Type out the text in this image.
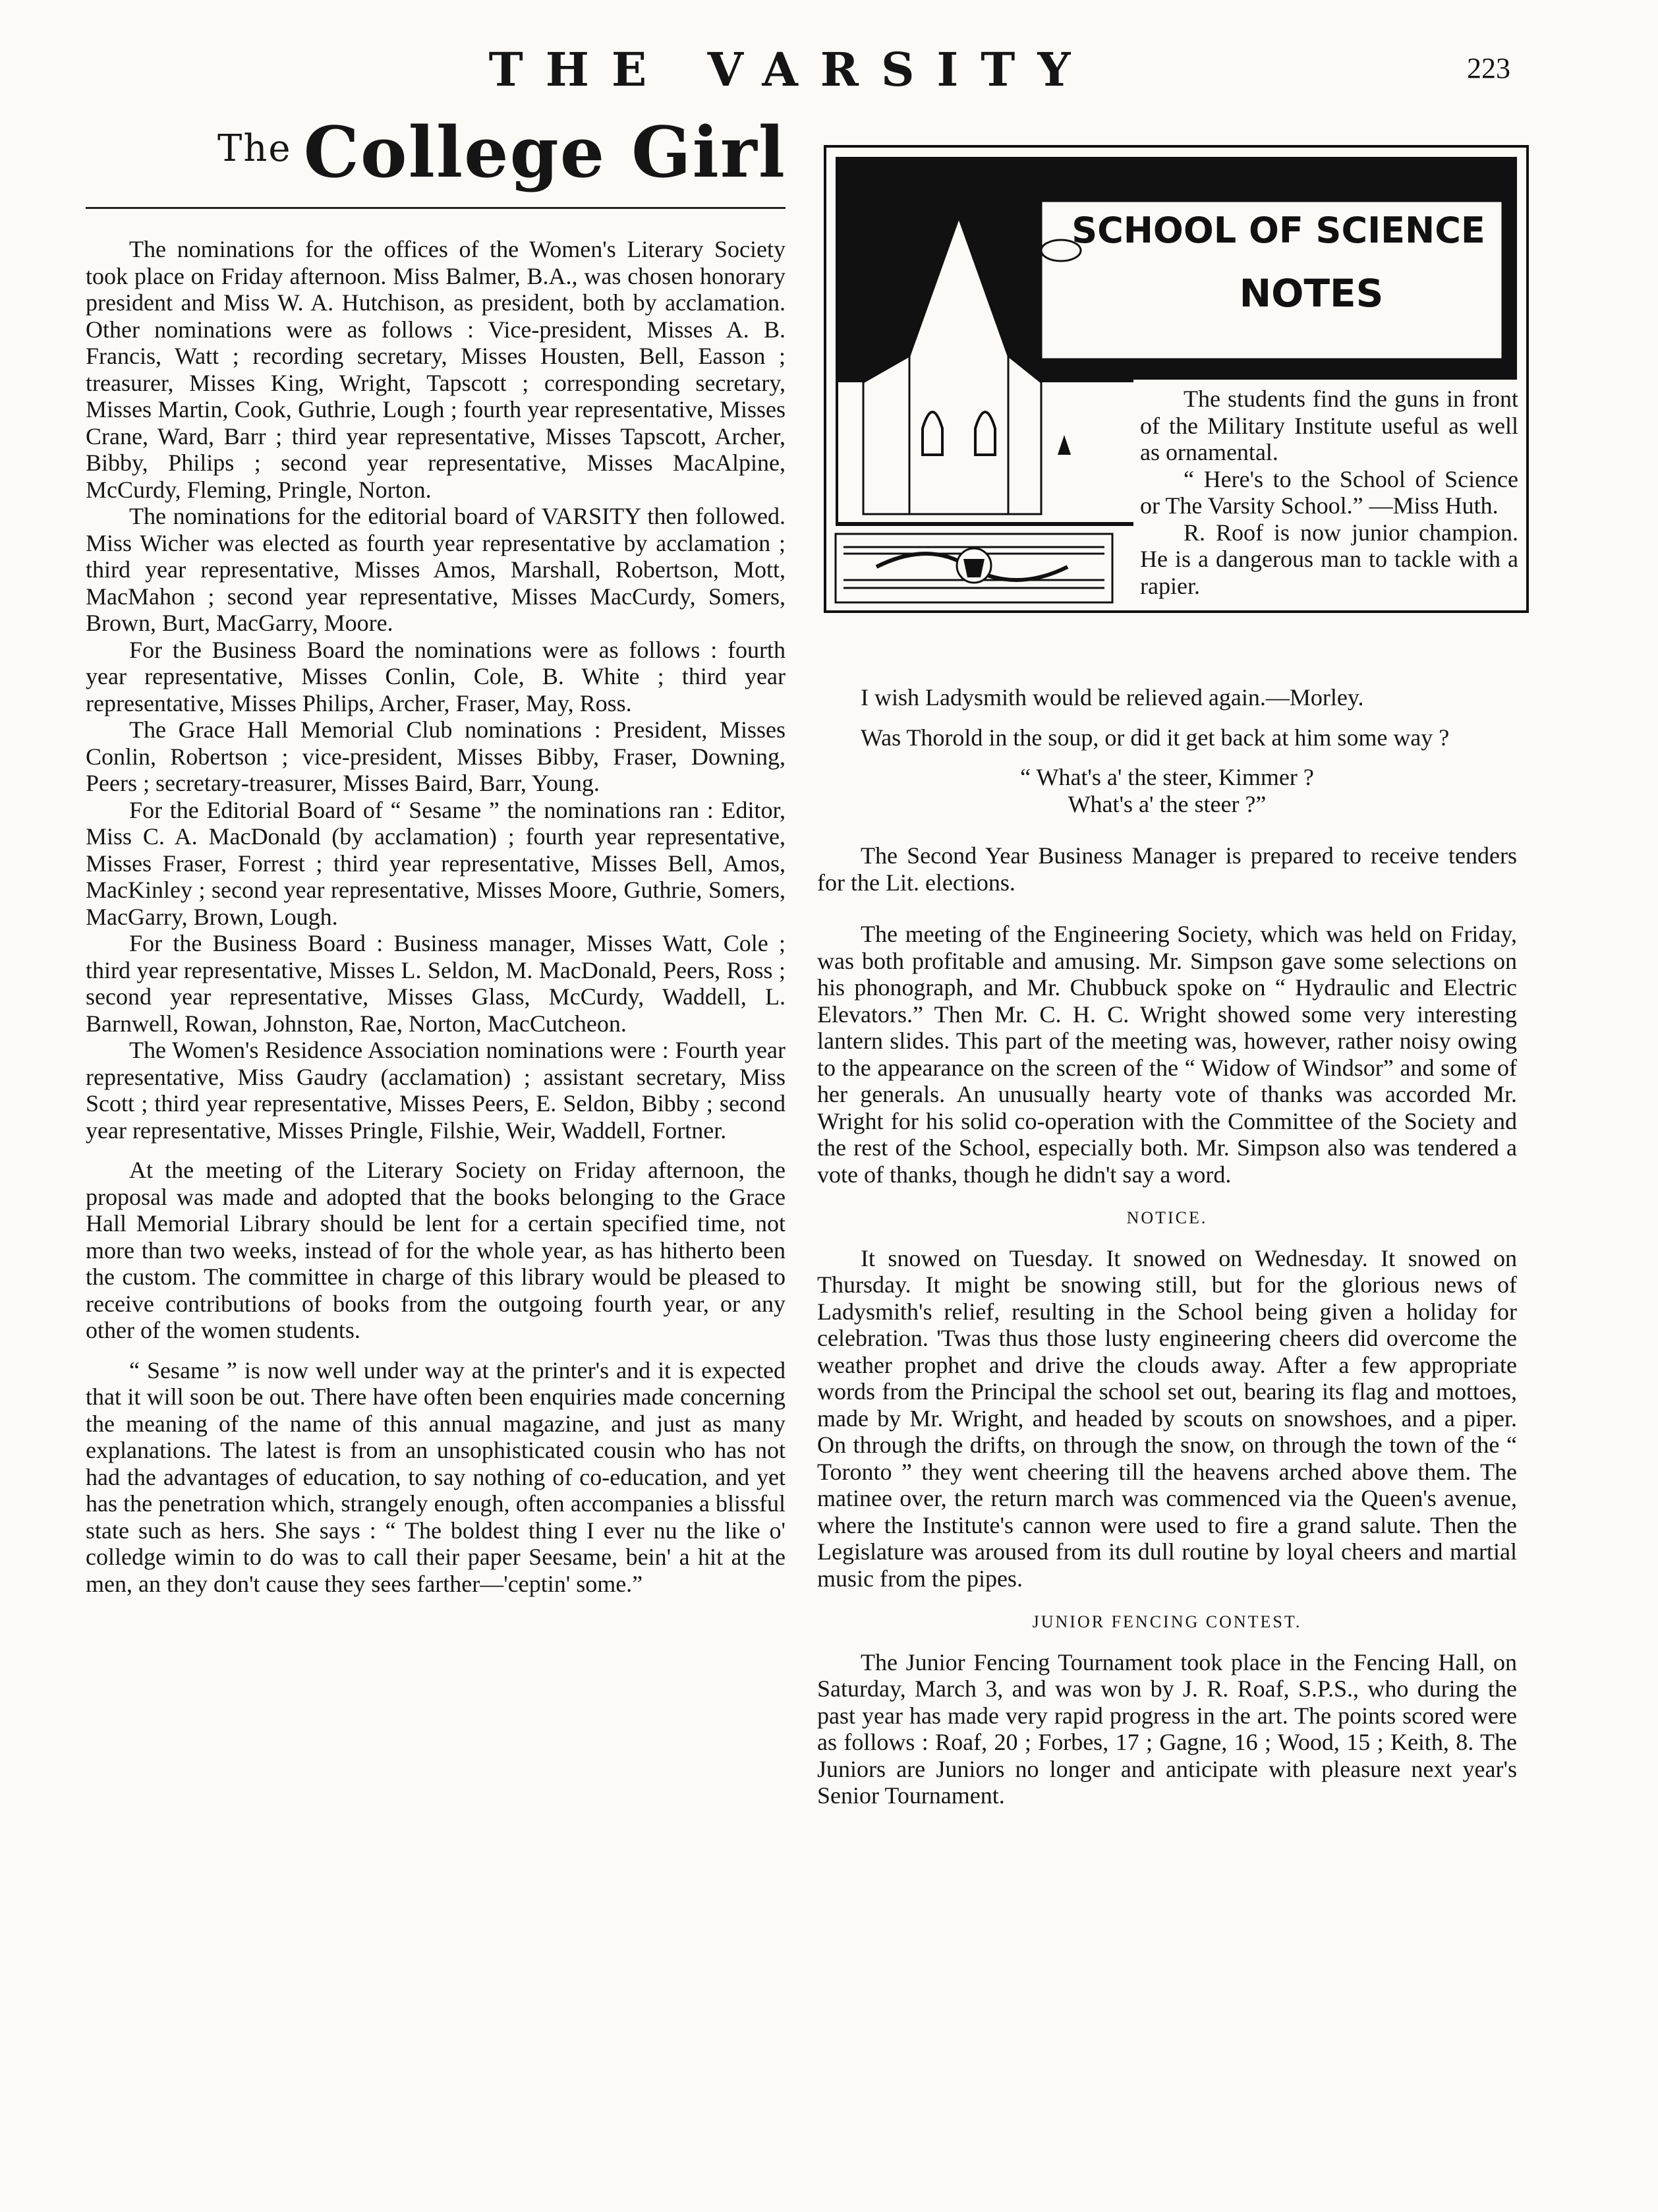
THE VARSITY	223
$^{The}$ College Girl

The nominations for the offices of the Women's Literary Society took place on Friday afternoon. Miss Balmer, B.A., was chosen honorary president and Miss W. A. Hutchison, as president, both by acclamation. Other nominations were as follows : Vice-president, Misses A. B. Francis, Watt ; recording secretary, Misses Housten, Bell, Easson ; treasurer, Misses King, Wright, Tapscott ; corresponding secretary, Misses Martin, Cook, Guthrie, Lough ; fourth year representative, Misses Crane, Ward, Barr ; third year representative, Misses Tapscott, Archer, Bibby, Philips ; second year representative, Misses MacAlpine, McCurdy, Fleming, Pringle, Norton.

The nominations for the editorial board of VARSITY then followed. Miss Wicher was elected as fourth year representative by acclamation ; third year representative, Misses Amos, Marshall, Robertson, Mott, MacMahon ; second year representative, Misses MacCurdy, Somers, Brown, Burt, MacGarry, Moore.

For the Business Board the nominations were as follows : fourth year representative, Misses Conlin, Cole, B. White ; third year representative, Misses Philips, Archer, Fraser, May, Ross.

The Grace Hall Memorial Club nominations : President, Misses Conlin, Robertson ; vice-president, Misses Bibby, Fraser, Downing, Peers ; secretary-treasurer, Misses Baird, Barr, Young.

For the Editorial Board of “ Sesame ” the nominations ran : Editor, Miss C. A. MacDonald (by acclamation) ; fourth year representative, Misses Fraser, Forrest ; third year representative, Misses Bell, Amos, MacKinley ; second year representative, Misses Moore, Guthrie, Somers, MacGarry, Brown, Lough.

For the Business Board : Business manager, Misses Watt, Cole ; third year representative, Misses L. Seldon, M. MacDonald, Peers, Ross ; second year representative, Misses Glass, McCurdy, Waddell, L. Barnwell, Rowan, Johnston, Rae, Norton, MacCutcheon.

The Women's Residence Association nominations were : Fourth year representative, Miss Gaudry (acclamation) ; assistant secretary, Miss Scott ; third year representative, Misses Peers, E. Seldon, Bibby ; second year representative, Misses Pringle, Filshie, Weir, Waddell, Fortner.

At the meeting of the Literary Society on Friday afternoon, the proposal was made and adopted that the books belonging to the Grace Hall Memorial Library should be lent for a certain specified time, not more than two weeks, instead of for the whole year, as has hitherto been the custom. The committee in charge of this library would be pleased to receive contributions of books from the outgoing fourth year, or any other of the women students.

“ Sesame ” is now well under way at the printer's and it is expected that it will soon be out. There have often been enquiries made concerning the meaning of the name of this annual magazine, and just as many explanations. The latest is from an unsophisticated cousin who has not had the advantages of education, to say nothing of co-education, and yet has the penetration which, strangely enough, often accompanies a blissful state such as hers. She says : “ The boldest thing I ever nu the like o' colledge wimin to do was to call their paper Seesame, bein' a hit at the men, an they don't cause they sees farther—'ceptin' some.”

SCHOOL OF SCIENCE
NOTES

The students find the guns in front of the Military Institute useful as well as ornamental.

“ Here's to the School of Science or The Varsity School.” —Miss Huth.

R. Roof is now junior champion. He is a dangerous man to tackle with a rapier.

I wish Ladysmith would be relieved again.—Morley.

Was Thorold in the soup, or did it get back at him some way ?

“ What's a' the steer, Kimmer ?

What's a' the steer ?”

The Second Year Business Manager is prepared to receive tenders for the Lit. elections.

The meeting of the Engineering Society, which was held on Friday, was both profitable and amusing. Mr. Simpson gave some selections on his phonograph, and Mr. Chubbuck spoke on “ Hydraulic and Electric Elevators.” Then Mr. C. H. C. Wright showed some very interesting lantern slides. This part of the meeting was, however, rather noisy owing to the appearance on the screen of the “ Widow of Windsor” and some of her generals. An unusually hearty vote of thanks was accorded Mr. Wright for his solid co-operation with the Committee of the Society and the rest of the School, especially both. Mr. Simpson also was tendered a vote of thanks, though he didn't say a word.

NOTICE.

It snowed on Tuesday. It snowed on Wednesday. It snowed on Thursday. It might be snowing still, but for the glorious news of Ladysmith's relief, resulting in the School being given a holiday for celebration. 'Twas thus those lusty engineering cheers did overcome the weather prophet and drive the clouds away. After a few appropriate words from the Principal the school set out, bearing its flag and mottoes, made by Mr. Wright, and headed by scouts on snowshoes, and a piper. On through the drifts, on through the snow, on through the town of the “ Toronto ” they went cheering till the heavens arched above them. The matinee over, the return march was commenced via the Queen's avenue, where the Institute's cannon were used to fire a grand salute. Then the Legislature was aroused from its dull routine by loyal cheers and martial music from the pipes.

JUNIOR FENCING CONTEST.

The Junior Fencing Tournament took place in the Fencing Hall, on Saturday, March 3, and was won by J. R. Roaf, S.P.S., who during the past year has made very rapid progress in the art. The points scored were as follows : Roaf, 20 ; Forbes, 17 ; Gagne, 16 ; Wood, 15 ; Keith, 8. The Juniors are Juniors no longer and anticipate with pleasure next year's Senior Tournament.
